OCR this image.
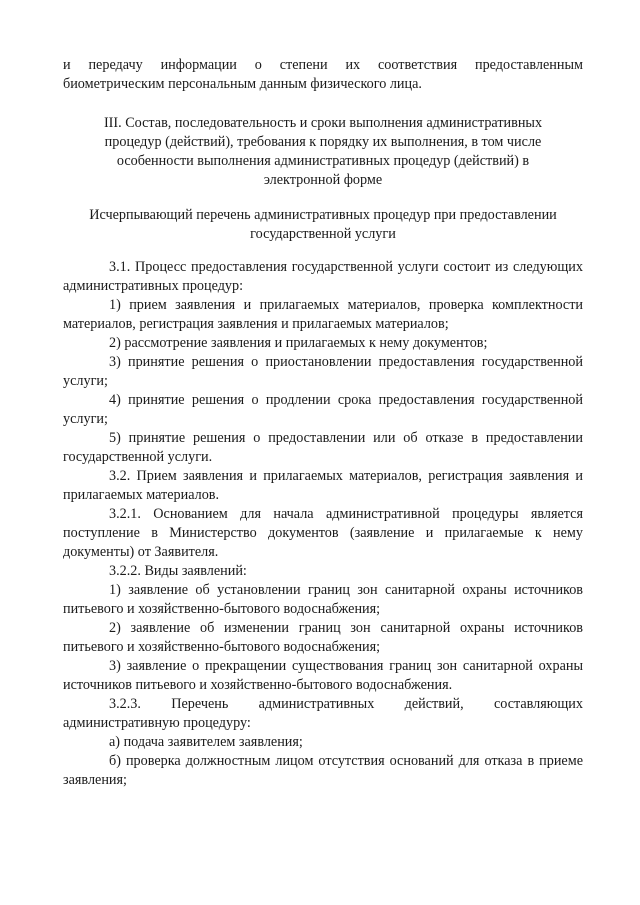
и передачу информации о степени их соответствия предоставленным биометрическим персональным данным физического лица.

III. Состав, последовательность и сроки выполнения административных процедур (действий), требования к порядку их выполнения, в том числе особенности выполнения административных процедур (действий) в электронной форме

Исчерпывающий перечень административных процедур при предоставлении государственной услуги

3.1. Процесс предоставления государственной услуги состоит из следующих административных процедур:

1) прием заявления и прилагаемых материалов, проверка комплектности материалов, регистрация заявления и прилагаемых материалов;

2) рассмотрение заявления и прилагаемых к нему документов;

3) принятие решения о приостановлении предоставления государственной услуги;

4) принятие решения о продлении срока предоставления государственной услуги;

5) принятие решения о предоставлении или об отказе в предоставлении государственной услуги.

3.2. Прием заявления и прилагаемых материалов, регистрация заявления и прилагаемых материалов.

3.2.1. Основанием для начала административной процедуры является поступление в Министерство документов (заявление и прилагаемые к нему документы) от Заявителя.

3.2.2. Виды заявлений:

1) заявление об установлении границ зон санитарной охраны источников питьевого и хозяйственно-бытового водоснабжения;

2) заявление об изменении границ зон санитарной охраны источников питьевого и хозяйственно-бытового водоснабжения;

3) заявление о прекращении существования границ зон санитарной охраны источников питьевого и хозяйственно-бытового водоснабжения.

3.2.3. Перечень административных действий, составляющих административную процедуру:

а) подача заявителем заявления;

б) проверка должностным лицом отсутствия оснований для отказа в приеме заявления;
